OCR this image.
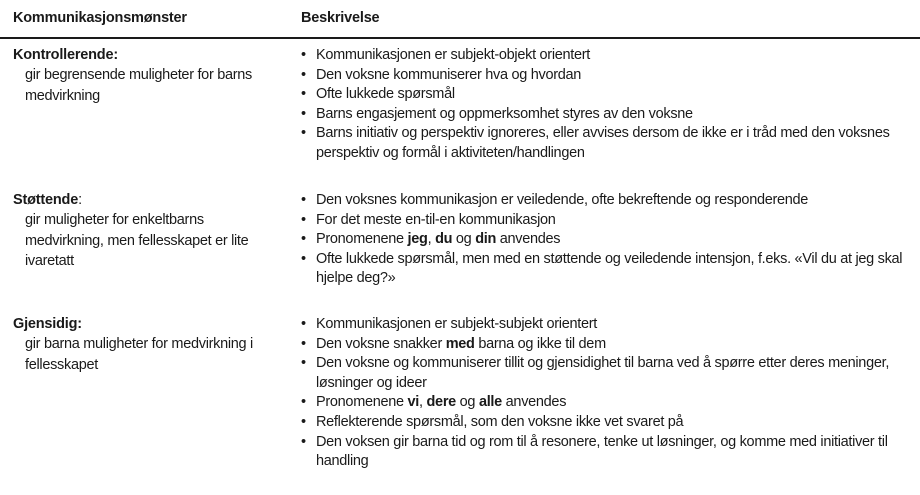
Kommunikasjonsmønster	Beskrivelse
Kontrollerende:
gir begrensende muligheter for barns medvirkning
• Kommunikasjonen er subjekt-objekt orientert
• Den voksne kommuniserer hva og hvordan
• Ofte lukkede spørsmål
• Barns engasjement og oppmerksomhet styres av den voksne
• Barns initiativ og perspektiv ignoreres, eller avvises dersom de ikke er i tråd med den voksnes perspektiv og formål i aktiviteten/handlingen
Støttende:
gir muligheter for enkeltbarns medvirkning, men fellesskapet er lite ivaretatt
• Den voksnes kommunikasjon er veiledende, ofte bekreftende og responderende
• For det meste en-til-en kommunikasjon
• Pronomenene jeg, du og din anvendes
• Ofte lukkede spørsmål, men med en støttende og veiledende intensjon, f.eks. «Vil du at jeg skal hjelpe deg?»
Gjensidig:
gir barna muligheter for medvirkning i fellesskapet
• Kommunikasjonen er subjekt-subjekt orientert
• Den voksne snakker med barna og ikke til dem
• Den voksne og kommuniserer tillit og gjensidighet til barna ved å spørre etter deres meninger, løsninger og ideer
• Pronomenene vi, dere og alle anvendes
• Reflekterende spørsmål, som den voksne ikke vet svaret på
• Den voksen gir barna tid og rom til å resonere, tenke ut løsninger, og komme med initiativer til handling
